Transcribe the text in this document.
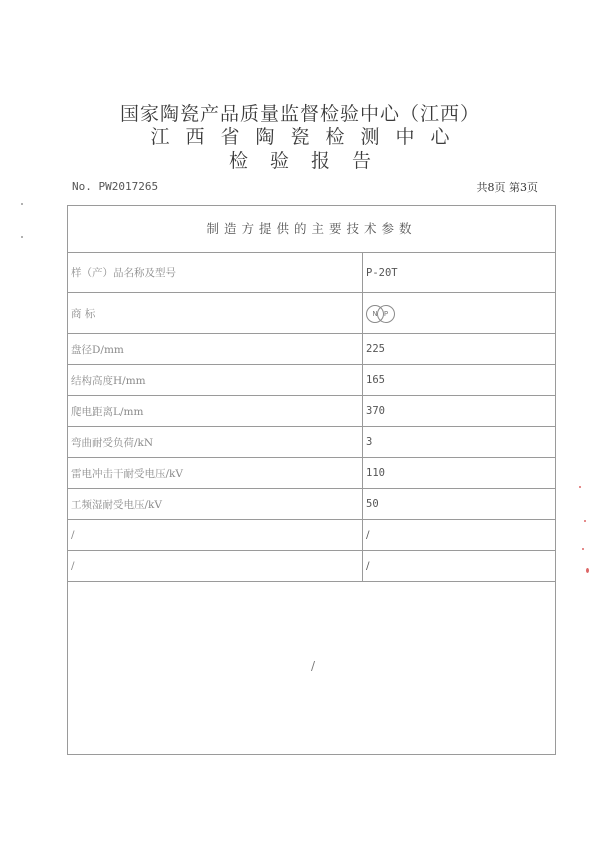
国家陶瓷产品质量监督检验中心（江西）
江西省陶瓷检测中心
检验报告
No. PW2017265	共8页 第3页
制造方提供的主要技术参数
样（产）品名称及型号	P-20T
商 标	N P
盘径D/mm	225
结构高度H/mm	165
爬电距离L/mm	370
弯曲耐受负荷/kN	3
雷电冲击干耐受电压/kV	110
工频湿耐受电压/kV	50
/	/
/	/
/
